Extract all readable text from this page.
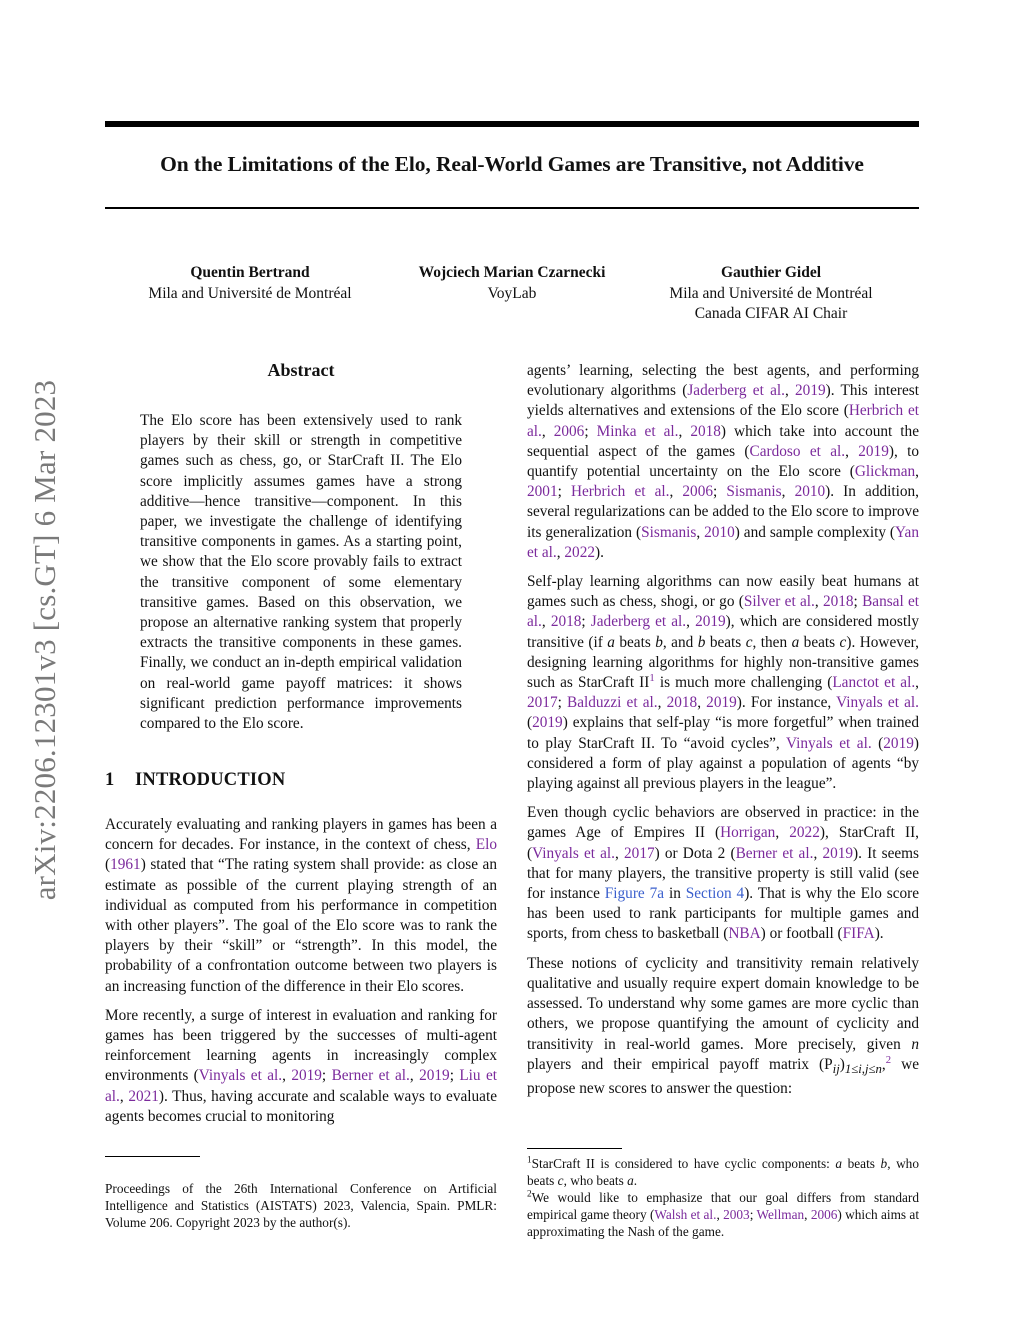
On the Limitations of the Elo, Real-World Games are Transitive, not Additive
Quentin Bertrand
Mila and Université de Montréal
Wojciech Marian Czarnecki
VoyLab
Gauthier Gidel
Mila and Université de Montréal
Canada CIFAR AI Chair
arXiv:2206.12301v3 [cs.GT] 6 Mar 2023
Abstract

The Elo score has been extensively used to rank players by their skill or strength in competitive games such as chess, go, or StarCraft II. The Elo score implicitly assumes games have a strong additive—hence transitive—component. In this paper, we investigate the challenge of identifying transitive components in games. As a starting point, we show that the Elo score provably fails to extract the transitive component of some elementary transitive games. Based on this observation, we propose an alternative ranking system that properly extracts the transitive components in these games. Finally, we conduct an in-depth empirical validation on real-world game payoff matrices: it shows significant prediction performance improvements compared to the Elo score.

1 INTRODUCTION

Accurately evaluating and ranking players in games has been a concern for decades. For instance, in the context of chess, Elo (1961) stated that “The rating system shall provide: as close an estimate as possible of the current playing strength of an individual as computed from his performance in competition with other players”. The goal of the Elo score was to rank the players by their “skill” or “strength”. In this model, the probability of a confrontation outcome between two players is an increasing function of the difference in their Elo scores.

More recently, a surge of interest in evaluation and ranking for games has been triggered by the successes of multi-agent reinforcement learning agents in increasingly complex environments (Vinyals et al., 2019; Berner et al., 2019; Liu et al., 2021). Thus, having accurate and scalable ways to evaluate agents becomes crucial to monitoring

Proceedings of the 26th International Conference on Artificial Intelligence and Statistics (AISTATS) 2023, Valencia, Spain. PMLR: Volume 206. Copyright 2023 by the author(s).

agents’ learning, selecting the best agents, and performing evolutionary algorithms (Jaderberg et al., 2019). This interest yields alternatives and extensions of the Elo score (Herbrich et al., 2006; Minka et al., 2018) which take into account the sequential aspect of the games (Cardoso et al., 2019), to quantify potential uncertainty on the Elo score (Glickman, 2001; Herbrich et al., 2006; Sismanis, 2010). In addition, several regularizations can be added to the Elo score to improve its generalization (Sismanis, 2010) and sample complexity (Yan et al., 2022).

Self-play learning algorithms can now easily beat humans at games such as chess, shogi, or go (Silver et al., 2018; Bansal et al., 2018; Jaderberg et al., 2019), which are considered mostly transitive (if a beats b, and b beats c, then a beats c). However, designing learning algorithms for highly non-transitive games such as StarCraft $II^1$ is much more challenging (Lanctot et al., 2017; Balduzzi et al., 2018, 2019). For instance, Vinyals et al. (2019) explains that self-play “is more forgetful” when trained to play StarCraft II. To “avoid cycles”, Vinyals et al. (2019) considered a form of play against a population of agents “by playing against all previous players in the league”.

Even though cyclic behaviors are observed in practice: in the games Age of Empires II (Horrigan, 2022), StarCraft II, (Vinyals et al., 2017) or Dota 2 (Berner et al., 2019). It seems that for many players, the transitive property is still valid (see for instance Figure 7a in Section 4). That is why the Elo score has been used to rank participants for multiple games and sports, from chess to basketball (NBA) or football (FIFA).

These notions of cyclicity and transitivity remain relatively qualitative and usually require expert domain knowledge to be assessed. To understand why some games are more cyclic than others, we propose quantifying the amount of cyclicity and transitivity in real-world games. More precisely, given n players and their empirical payoff matrix $(P_{ij})_{1\le i,j\le n},^2$ we propose new scores to answer the question:

$^1$StarCraft II is considered to have cyclic components: a beats b, who beats c, who beats a.

$^2$We would like to emphasize that our goal differs from standard empirical game theory (Walsh et al., 2003; Wellman, 2006) which aims at approximating the Nash of the game.
